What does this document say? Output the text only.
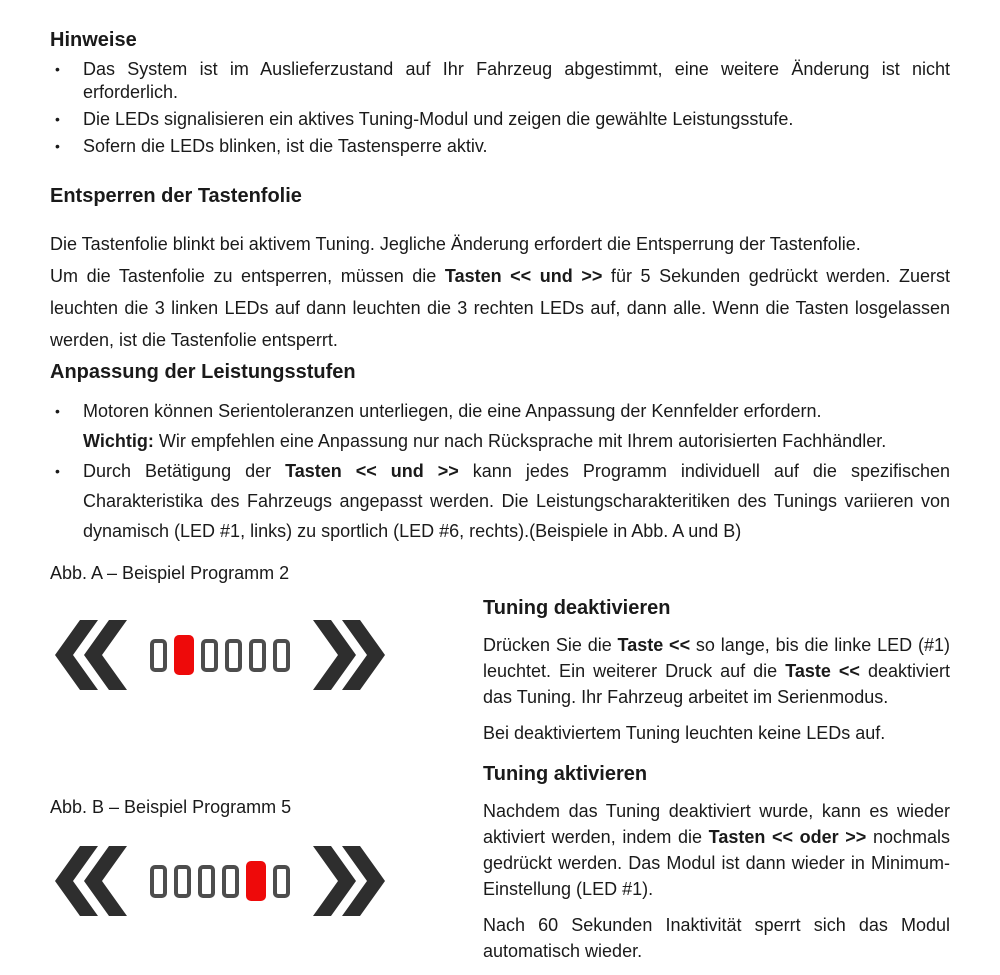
Hinweise
•	Das System ist im Auslieferzustand auf Ihr Fahrzeug abgestimmt, eine weitere Änderung ist nicht erforderlich.
•	Die LEDs signalisieren ein aktives Tuning-Modul und zeigen die gewählte Leistungsstufe.
•	Sofern die LEDs blinken, ist die Tastensperre aktiv.
Entsperren der Tastenfolie

Die Tastenfolie blinkt bei aktivem Tuning. Jegliche Änderung erfordert die Entsperrung der Tastenfolie.
Um die Tastenfolie zu entsperren, müssen die Tasten << und >> für 5 Sekunden gedrückt werden. Zuerst leuchten die 3 linken LEDs auf dann leuchten die 3 rechten LEDs auf, dann alle. Wenn die Tasten losgelassen werden, ist die Tastenfolie entsperrt.

Anpassung der Leistungsstufen
•	Motoren können Serientoleranzen unterliegen, die eine Anpassung der Kennfelder erfordern.
Wichtig: Wir empfehlen eine Anpassung nur nach Rücksprache mit Ihrem autorisierten Fachhändler.
•	Durch Betätigung der Tasten << und >> kann jedes Programm individuell auf die spezifischen Charakteristika des Fahrzeugs angepasst werden. Die Leistungscharakteritiken des Tunings variieren von dynamisch (LED #1, links) zu sportlich (LED #6, rechts).(Beispiele in Abb. A und B)
Abb. A – Beispiel Programm 2
Abb. B – Beispiel Programm 5
Tuning deaktivieren

Drücken Sie die Taste << so lange, bis die linke LED (#1) leuchtet. Ein weiterer Druck auf die Taste << deaktiviert das Tuning. Ihr Fahrzeug arbeitet im Serienmodus.

Bei deaktiviertem Tuning leuchten keine LEDs auf.

Tuning aktivieren

Nachdem das Tuning deaktiviert wurde, kann es wieder aktiviert werden, indem die Tasten << oder >> nochmals gedrückt werden. Das Modul ist dann wieder in Minimum-Einstellung (LED #1).

Nach 60 Sekunden Inaktivität sperrt sich das Modul automatisch wieder.
